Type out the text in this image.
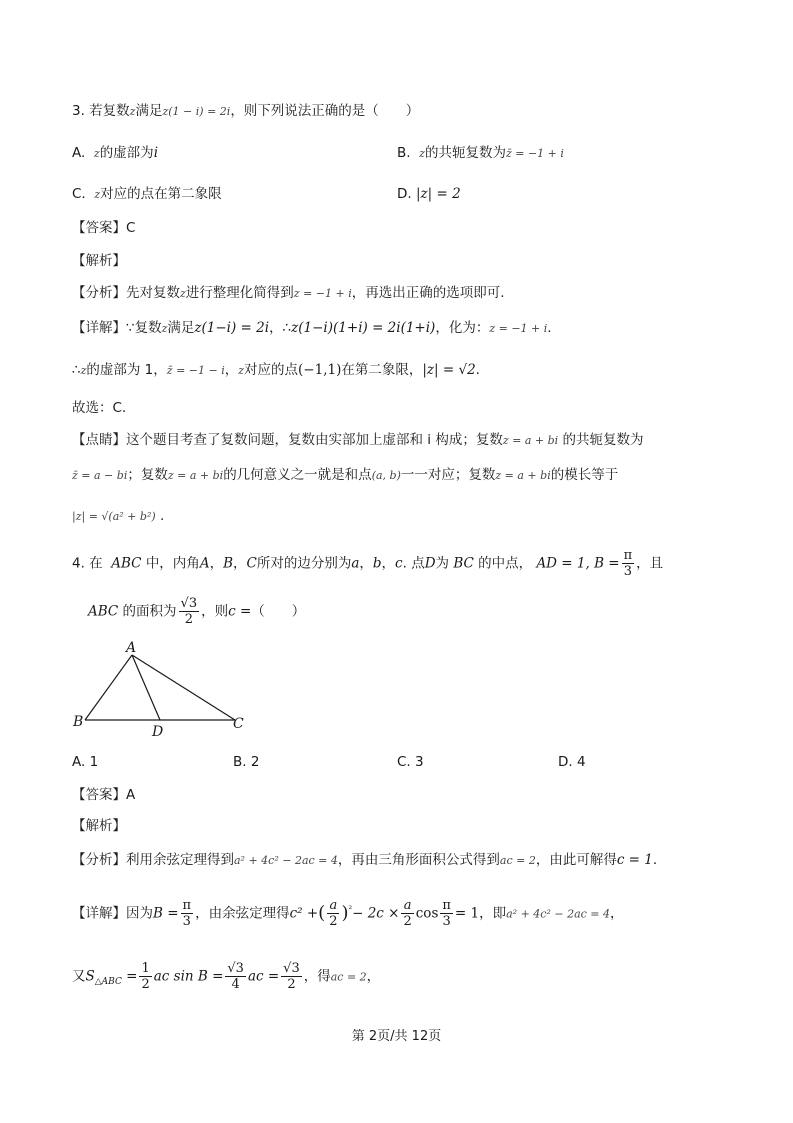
3. 若复数z满足z(1 − i) = 2i，则下列说法正确的是（　　）
A. z的虚部为i	B. z的共轭复数为z̄ = −1 + i
C. z对应的点在第二象限	D. |z| = 2
【答案】C
【解析】
【分析】先对复数z进行整理化简得到z = −1 + i，再选出正确的选项即可.
【详解】∵复数z满足z(1−i) = 2i，∴z(1−i)(1+i) = 2i(1+i)，化为：z = −1 + i.
∴z的虚部为 1，z̄ = −1 − i，z对应的点(−1,1)在第二象限，|z| = √2.
故选：C.
【点睛】这个题目考查了复数问题，复数由实部加上虚部和 i 构成；复数z = a + bi 的共轭复数为
z̄ = a − bi；复数z = a + bi的几何意义之一就是和点(a, b)一一对应；复数z = a + bi的模长等于
|z| = √(a² + b²) .
4. 在 ABC 中，内角A，B，C所对的边分别为a，b，c. 点D为 BC 的中点， AD = 1, $B = \frac{\pi}{3}$ ，且
ABC 的面积为 $\frac{√3}{2}$ ，则c =（　　）
A
B	C
D
A. 1	B. 2	C. 3	D. 4
【答案】A
【解析】
【分析】利用余弦定理得到a² + 4c² − 2ac = 4，再由三角形面积公式得到ac = 2，由此可解得c = 1.
【详解】因为$B = \frac{\pi}{3}$ ，由余弦定理得c² +( $\frac{a}{2} )^{^2}- 2c \times \frac{a}{2}$ $\cos \frac{\pi}{3} = 1$，即a² + 4c² − 2ac = 4，
又$S_{\triangle ABC} = \frac{1}{2}$ ac $\sin B = \frac{√3}{4}$ ac = $\frac{√3}{2}$ ，得ac = 2，
第 2页/共 12页
